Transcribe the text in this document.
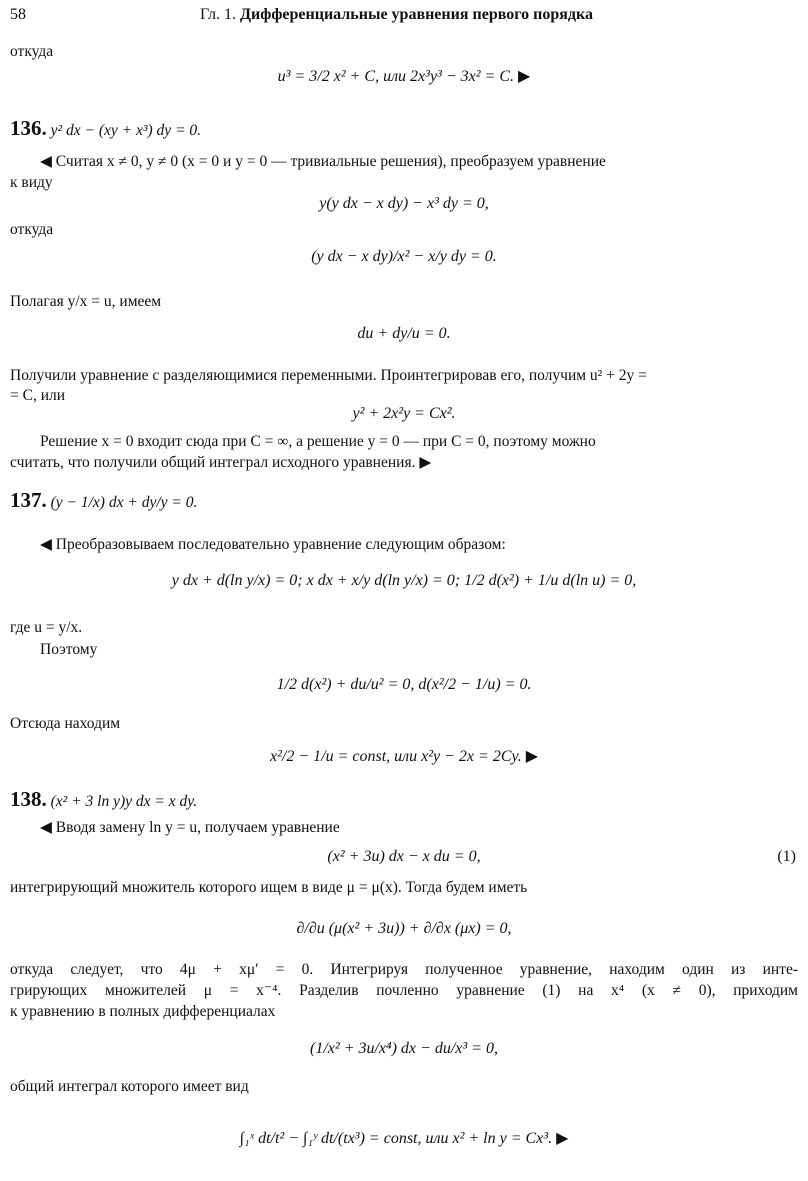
58	Гл. 1. Дифференциальные уравнения первого порядка
откуда
u³ = 3/2 x² + C, или 2x³y³ − 3x² = C. ▶
136. y² dx − (xy + x³) dy = 0.
◀ Считая x ≠ 0, y ≠ 0 (x = 0 и y = 0 — тривиальные решения), преобразуем уравнение
к виду
y(y dx − x dy) − x³ dy = 0,
откуда
(y dx − x dy)/x² − x/y dy = 0.
Полагая y/x = u, имеем
du + dy/u = 0.
Получили уравнение с разделяющимися переменными. Проинтегрировав его, получим u² + 2y =
= C, или
y² + 2x²y = Cx².
Решение x = 0 входит сюда при C = ∞, а решение y = 0 — при C = 0, поэтому можно
считать, что получили общий интеграл исходного уравнения. ▶
137. (y − 1/x) dx + dy/y = 0.
◀ Преобразовываем последовательно уравнение следующим образом:
y dx + d(ln y/x) = 0; x dx + x/y d(ln y/x) = 0; 1/2 d(x²) + 1/u d(ln u) = 0,
где u = y/x.
Поэтому
1/2 d(x²) + du/u² = 0, d(x²/2 − 1/u) = 0.
Отсюда находим
x²/2 − 1/u = const, или x²y − 2x = 2Cy. ▶
138. (x² + 3 ln y)y dx = x dy.
◀ Вводя замену ln y = u, получаем уравнение
(x² + 3u) dx − x du = 0,	(1)
интегрирующий множитель которого ищем в виде μ = μ(x). Тогда будем иметь
∂/∂u (μ(x² + 3u)) + ∂/∂x (μx) = 0,
откуда следует, что 4μ + xμ′ = 0. Интегрируя полученное уравнение, находим один из инте-
грирующих множителей μ = x⁻⁴. Разделив почленно уравнение (1) на x⁴ (x ≠ 0), приходим
к уравнению в полных дифференциалах
(1/x² + 3u/x⁴) dx − du/x³ = 0,
общий интеграл которого имеет вид
∫₁ˣ dt/t² − ∫₁ʸ dt/(tx³) = const, или x² + ln y = Cx³. ▶
